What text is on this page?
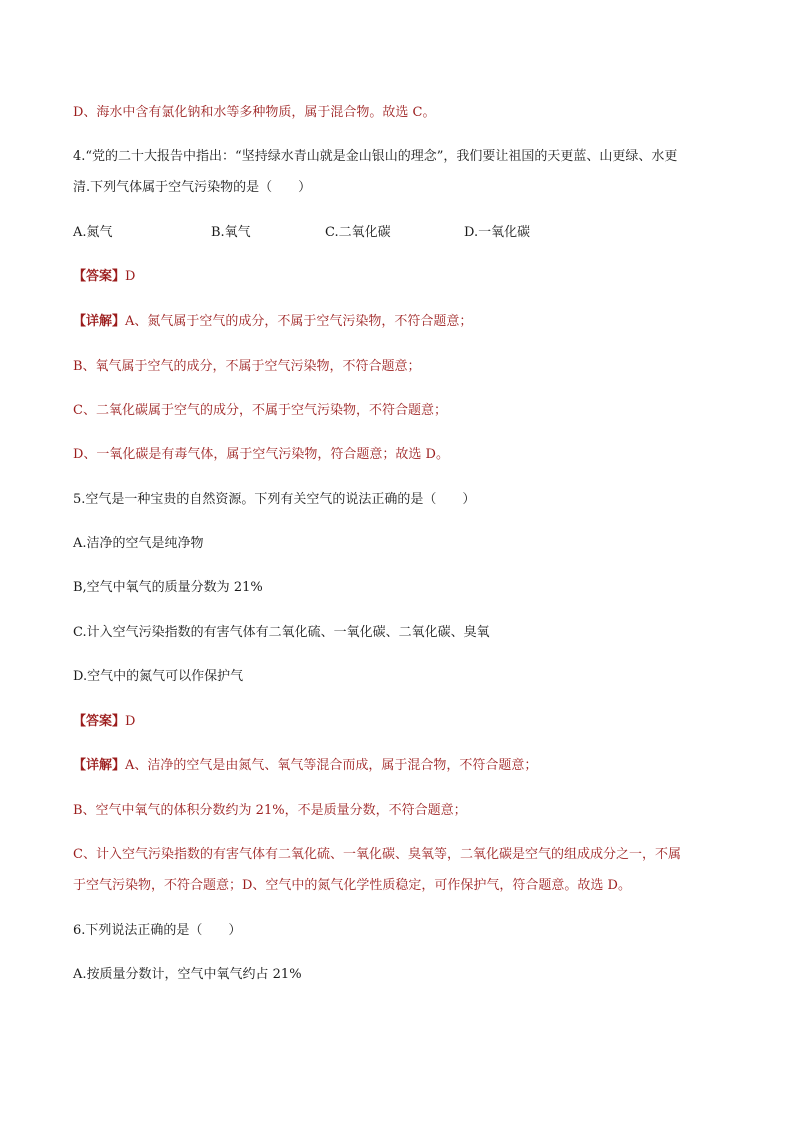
D、海水中含有氯化钠和水等多种物质，属于混合物。故选 C。
4.“党的二十大报告中指出：“坚持绿水青山就是金山银山的理念”，我们要让祖国的天更蓝、山更绿、水更
清.下列气体属于空气污染物的是（　　）
A.氮气	B.氧气	C.二氧化碳	D.一氧化碳
【答案】D
【详解】A、氮气属于空气的成分，不属于空气污染物，不符合题意；
B、氧气属于空气的成分，不属于空气污染物，不符合题意；
C、二氧化碳属于空气的成分，不属于空气污染物，不符合题意；
D、一氧化碳是有毒气体，属于空气污染物，符合题意；故选 D。
5.空气是一种宝贵的自然资源。下列有关空气的说法正确的是（　　）
A.洁净的空气是纯净物
B,空气中氧气的质量分数为 21%
C.计入空气污染指数的有害气体有二氧化硫、一氧化碳、二氧化碳、臭氧
D.空气中的氮气可以作保护气
【答案】D
【详解】A、洁净的空气是由氮气、氧气等混合而成，属于混合物，不符合题意；
B、空气中氧气的体积分数约为 21%，不是质量分数，不符合题意；
C、计入空气污染指数的有害气体有二氧化硫、一氧化碳、臭氧等，二氧化碳是空气的组成成分之一，不属
于空气污染物，不符合题意；D、空气中的氮气化学性质稳定，可作保护气，符合题意。故选 D。
6.下列说法正确的是（　　）
A.按质量分数计，空气中氧气约占 21%
